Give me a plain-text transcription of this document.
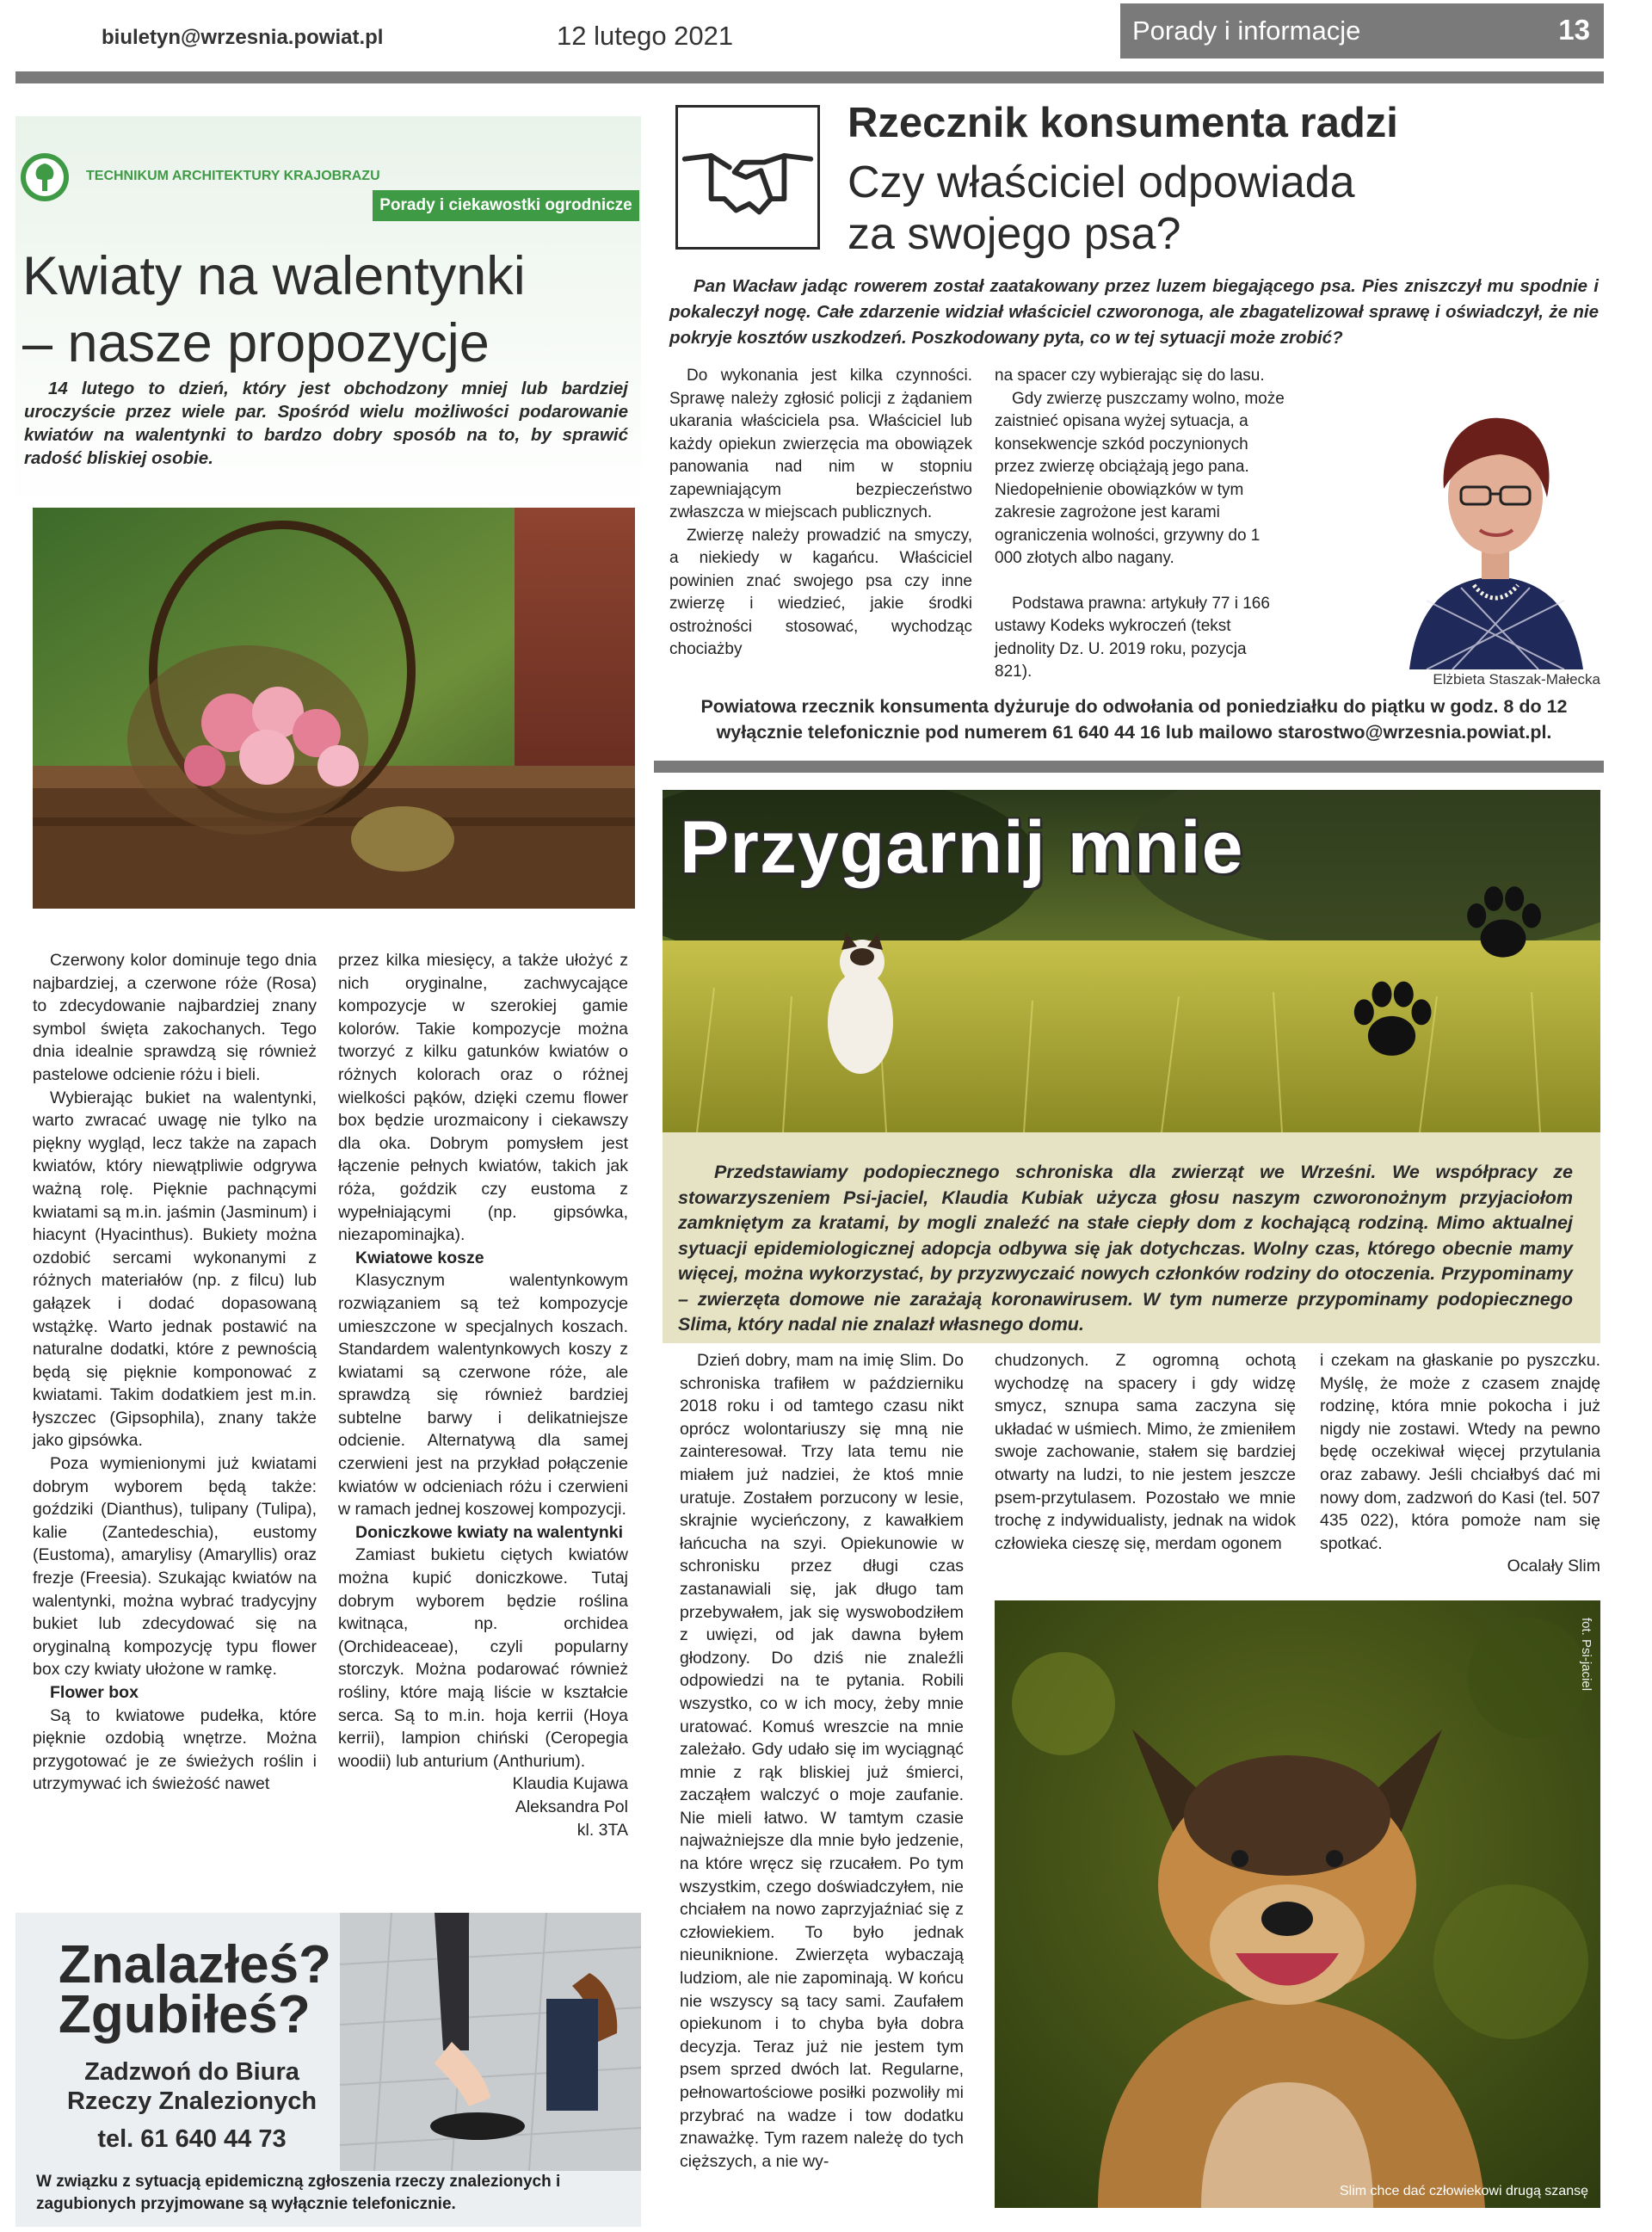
biuletyn@wrzesnia.powiat.pl	12 lutego 2021	Porady i informacje	13
TECHNIKUM ARCHITEKTURY KRAJOBRAZU
Porady i ciekawostki ogrodnicze
Kwiaty na walentynki
– nasze propozycje
14 lutego to dzień, który jest obchodzony mniej lub bardziej uroczyście przez wiele par. Spośród wielu możliwości podarowanie kwiatów na walentynki to bardzo dobry sposób na to, by sprawić radość bliskiej osobie.

Czerwony kolor dominuje tego dnia najbardziej, a czerwone róże (Rosa) to zdecydowanie najbardziej znany symbol święta zakochanych. Tego dnia idealnie sprawdzą się również pastelowe odcienie różu i bieli.

Wybierając bukiet na walentynki, warto zwracać uwagę nie tylko na piękny wygląd, lecz także na zapach kwiatów, który niewątpliwie odgrywa ważną rolę. Pięknie pachnącymi kwiatami są m.in. jaśmin (Jasminum) i hiacynt (Hyacinthus). Bukiety można ozdobić sercami wykonanymi z różnych materiałów (np. z filcu) lub gałązek i dodać dopasowaną wstążkę. Warto jednak postawić na naturalne dodatki, które z pewnością będą się pięknie komponować z kwiatami. Takim dodatkiem jest m.in. łyszczec (Gipsophila), znany także jako gipsówka.

Poza wymienionymi już kwiatami dobrym wyborem będą także: goździki (Dianthus), tulipany (Tulipa), kalie (Zantedeschia), eustomy (Eustoma), amarylisy (Amaryllis) oraz frezje (Freesia). Szukając kwiatów na walentynki, można wybrać tradycyjny bukiet lub zdecydować się na oryginalną kompozycję typu flower box czy kwiaty ułożone w ramkę.

Flower box

Są to kwiatowe pudełka, które pięknie ozdobią wnętrze. Można przygotować je ze świeżych roślin i utrzymywać ich świeżość nawet

przez kilka miesięcy, a także ułożyć z nich oryginalne, zachwycające kompozycje w szerokiej gamie kolorów. Takie kompozycje można tworzyć z kilku gatunków kwiatów o różnych kolorach oraz o różnej wielkości pąków, dzięki czemu flower box będzie urozmaicony i ciekawszy dla oka. Dobrym pomysłem jest łączenie pełnych kwiatów, takich jak róża, goździk czy eustoma z wypełniającymi (np. gipsówka, niezapominajka).

Kwiatowe kosze

Klasycznym walentynkowym rozwiązaniem są też kompozycje umieszczone w specjalnych koszach. Standardem walentynkowych koszy z kwiatami są czerwone róże, ale sprawdzą się również bardziej subtelne barwy i delikatniejsze odcienie. Alternatywą dla samej czerwieni jest na przykład połączenie kwiatów w odcieniach różu i czerwieni w ramach jednej koszowej kompozycji.

Doniczkowe kwiaty na walentynki

Zamiast bukietu ciętych kwiatów można kupić doniczkowe. Tutaj dobrym wyborem będzie roślina kwitnąca, np. orchidea (Orchideaceae), czyli popularny storczyk. Można podarować również rośliny, które mają liście w kształcie serca. Są to m.in. hoja kerrii (Hoya kerrii), lampion chiński (Ceropegia woodii) lub anturium (Anthurium).

Klaudia Kujawa

Aleksandra Pol

kl. 3TA

Znalazłeś?
Zgubiłeś?
Zadzwoń do Biura
Rzeczy Znalezionych
tel. 61 640 44 73
W związku z sytuacją epidemiczną zgłoszenia rzeczy znalezionych i zagubionych przyjmowane są wyłącznie telefonicznie.
Rzecznik konsumenta radzi
Czy właściciel odpowiada
za swojego psa?
Pan Wacław jadąc rowerem został zaatakowany przez luzem biegającego psa. Pies zniszczył mu spodnie i pokaleczył nogę. Całe zdarzenie widział właściciel czworonoga, ale zbagatelizował sprawę i oświadczył, że nie pokryje kosztów uszkodzeń. Poszkodowany pyta, co w tej sytuacji może zrobić?

Do wykonania jest kilka czynności. Sprawę należy zgłosić policji z żądaniem ukarania właściciela psa. Właściciel lub każdy opiekun zwierzęcia ma obowiązek panowania nad nim w stopniu zapewniającym bezpieczeństwo zwłaszcza w miejscach publicznych.

Zwierzę należy prowadzić na smyczy, a niekiedy w kagańcu. Właściciel powinien znać swojego psa czy inne zwierzę i wiedzieć, jakie środki ostrożności stosować, wychodząc chociażby

na spacer czy wybierając się do lasu.

Gdy zwierzę puszczamy wolno, może zaistnieć opisana wyżej sytuacja, a konsekwencje szkód poczynionych przez zwierzę obciążają jego pana. Niedopełnienie obowiązków w tym zakresie zagrożone jest karami ograniczenia wolności, grzywny do 1 000 złotych albo nagany.

Podstawa prawna: artykuły 77 i 166 ustawy Kodeks wykroczeń (tekst jednolity Dz. U. 2019 roku, pozycja 821).	Elżbieta Staszak-Małecka
Powiatowa rzecznik konsumenta dyżuruje do odwołania od poniedziałku do piątku w godz. 8 do 12 wyłącznie telefonicznie pod numerem 61 640 44 16 lub mailowo starostwo@wrzesnia.powiat.pl.
Przygarnij mnie
Przedstawiamy podopiecznego schroniska dla zwierząt we Wrześni. We współpracy ze stowarzyszeniem Psi-jaciel, Klaudia Kubiak użycza głosu naszym czworonożnym przyjaciołom zamkniętym za kratami, by mogli znaleźć na stałe ciepły dom z kochającą rodziną. Mimo aktualnej sytuacji epidemiologicznej adopcja odbywa się jak dotychczas. Wolny czas, którego obecnie mamy więcej, można wykorzystać, by przyzwyczaić nowych członków rodziny do otoczenia. Przypominamy – zwierzęta domowe nie zarażają koronawirusem. W tym numerze przypominamy podopiecznego Slima, który nadal nie znalazł własnego domu.

Dzień dobry, mam na imię Slim. Do schroniska trafiłem w październiku 2018 roku i od tamtego czasu nikt oprócz wolontariuszy się mną nie zainteresował. Trzy lata temu nie miałem już nadziei, że ktoś mnie uratuje. Zostałem porzucony w lesie, skrajnie wycieńczony, z kawałkiem łańcucha na szyi. Opiekunowie w schronisku przez długi czas zastanawiali się, jak długo tam przebywałem, jak się wyswobodziłem z uwięzi, od jak dawna byłem głodzony. Do dziś nie znaleźli odpowiedzi na te pytania. Robili wszystko, co w ich mocy, żeby mnie uratować. Komuś wreszcie na mnie zależało. Gdy udało się im wyciągnąć mnie z rąk bliskiej już śmierci, zacząłem walczyć o moje zaufanie. Nie mieli łatwo. W tamtym czasie najważniejsze dla mnie było jedzenie, na które wręcz się rzucałem. Po tym wszystkim, czego doświadczyłem, nie chciałem na nowo zaprzyjaźniać się z człowiekiem. To było jednak nieuniknione. Zwierzęta wybaczają ludziom, ale nie zapominają. W końcu nie wszyscy są tacy sami. Zaufałem opiekunom i to chyba była dobra decyzja. Teraz już nie jestem tym psem sprzed dwóch lat. Regularne, pełnowartościowe posiłki pozwoliły mi przybrać na wadze i tow dodatku znaważkę. Tym razem należę do tych cięższych, a nie wy-

chudzonych. Z ogromną ochotą wychodzę na spacery i gdy widzę smycz, sznupa sama zaczyna się układać w uśmiech. Mimo, że zmieniłem swoje zachowanie, stałem się bardziej otwarty na ludzi, to nie jestem jeszcze psem-przytulasem. Pozostało we mnie trochę z indywidualisty, jednak na widok człowieka cieszę się, merdam ogonem

i czekam na głaskanie po pyszczku. Myślę, że może z czasem znajdę rodzinę, która mnie pokocha i już nigdy nie zostawi. Wtedy na pewno będę oczekiwał więcej przytulania oraz zabawy. Jeśli chciałbyś dać mi nowy dom, zadzwoń do Kasi (tel. 507 435 022), która pomoże nam się spotkać.

Ocalały Slim

fot. Psi-jaciel
Slim chce dać człowiekowi drugą szansę
